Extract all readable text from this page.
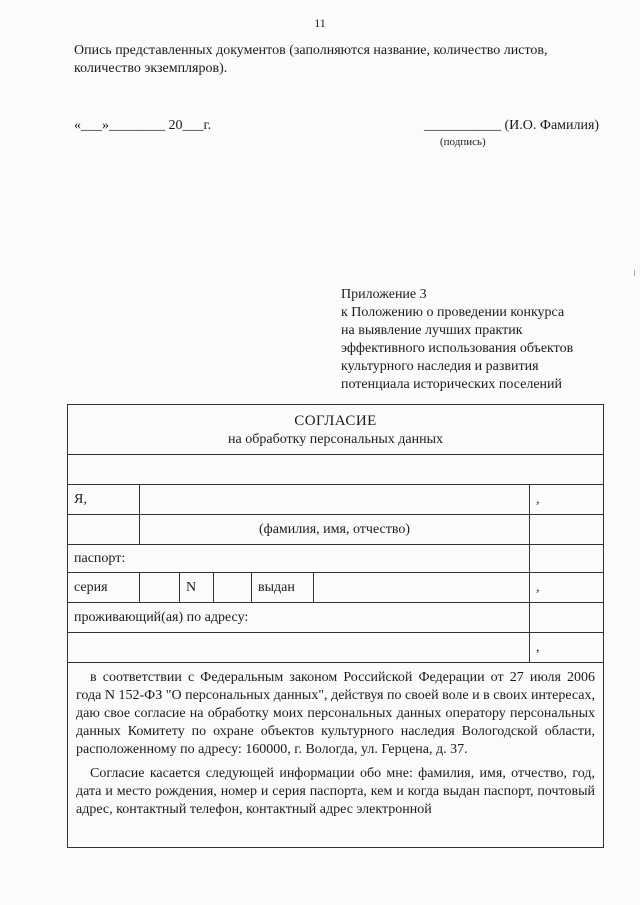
11
Опись представленных документов (заполняются название, количество листов, количество экземпляров).
«___»________ 20___г.	___________ (И.О. Фамилия)
(подпись)
Приложение 3
к Положению о проведении конкурса
на выявление лучших практик
эффективного использования объектов
культурного наследия и развития
потенциала исторических поселений
СОГЛАСИЕ
на обработку персональных данных						

Я,						,
	(фамилия, имя, отчество)					
паспорт:						
серия		N		выдан		,
проживающий(ая) по адресу:						
						,

в соответствии с Федеральным законом Российской Федерации от 27 июля 2006 года N 152-ФЗ "О персональных данных", действуя по своей воле и в своих интересах, даю свое согласие на обработку моих персональных данных оператору персональных данных Комитету по охране объектов культурного наследия Вологодской области, расположенному по адресу: 160000, г. Вологда, ул. Герцена, д. 37.

Согласие касается следующей информации обо мне: фамилия, имя, отчество, год, дата и место рождения, номер и серия паспорта, кем и когда выдан паспорт, почтовый адрес, контактный телефон, контактный адрес электронной						
